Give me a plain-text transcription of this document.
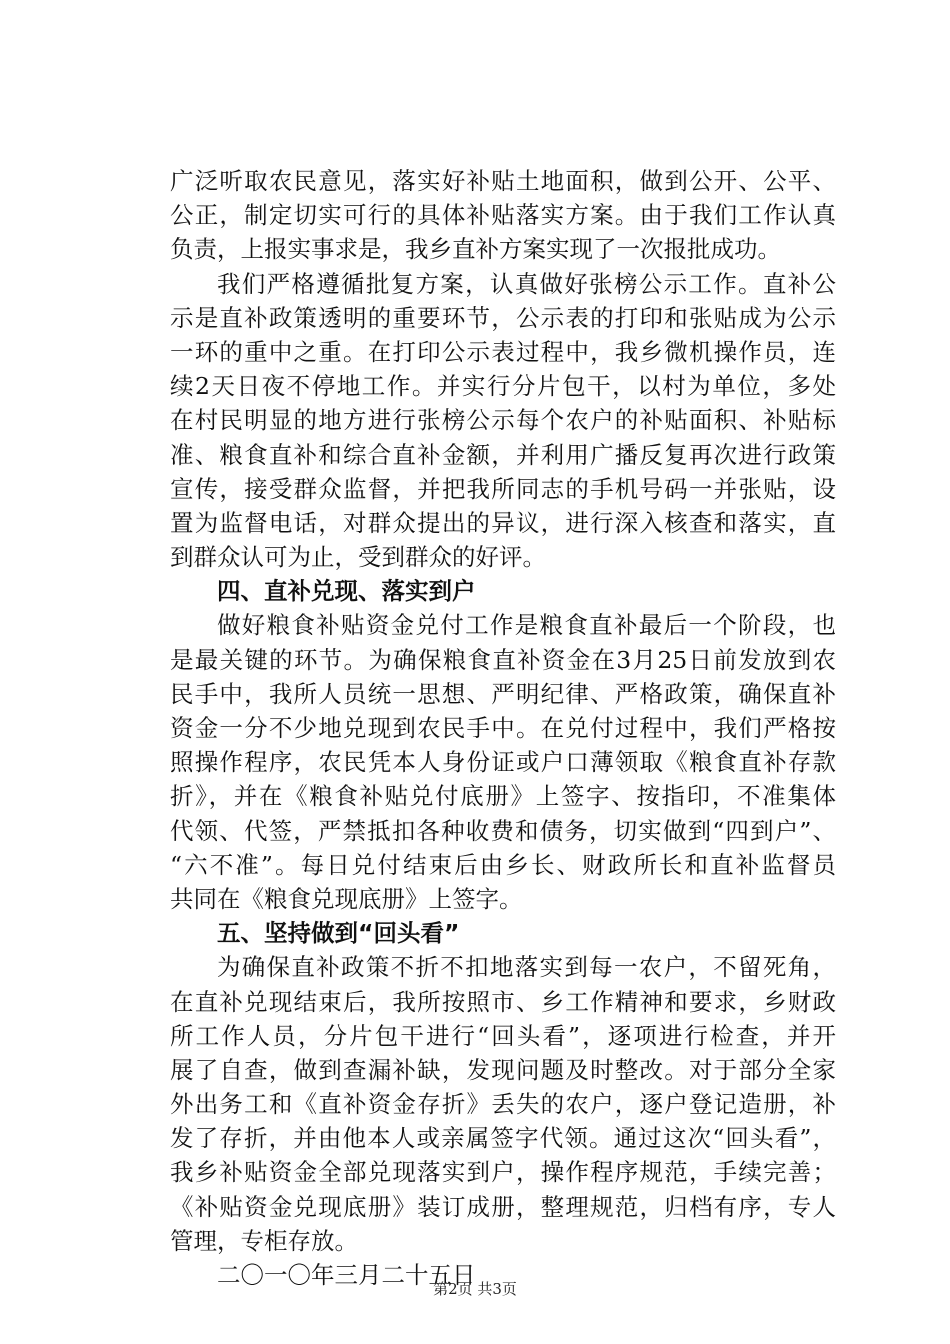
广泛听取农民意见，落实好补贴土地面积，做到公开、公平、
公正，制定切实可行的具体补贴落实方案。由于我们工作认真
负责，上报实事求是，我乡直补方案实现了一次报批成功。
我们严格遵循批复方案，认真做好张榜公示工作。直补公
示是直补政策透明的重要环节，公示表的打印和张贴成为公示
一环的重中之重。在打印公示表过程中，我乡微机操作员，连
续2天日夜不停地工作。并实行分片包干，以村为单位，多处
在村民明显的地方进行张榜公示每个农户的补贴面积、补贴标
准、粮食直补和综合直补金额，并利用广播反复再次进行政策
宣传，接受群众监督，并把我所同志的手机号码一并张贴，设
置为监督电话，对群众提出的异议，进行深入核查和落实，直
到群众认可为止，受到群众的好评。
四、直补兑现、落实到户
做好粮食补贴资金兑付工作是粮食直补最后一个阶段，也
是最关键的环节。为确保粮食直补资金在3月25日前发放到农
民手中，我所人员统一思想、严明纪律、严格政策，确保直补
资金一分不少地兑现到农民手中。在兑付过程中，我们严格按
照操作程序，农民凭本人身份证或户口薄领取《粮食直补存款
折》，并在《粮食补贴兑付底册》上签字、按指印，不准集体
代领、代签，严禁抵扣各种收费和债务，切实做到“四到户”、
“六不准”。每日兑付结束后由乡长、财政所长和直补监督员
共同在《粮食兑现底册》上签字。
五、坚持做到“回头看”
为确保直补政策不折不扣地落实到每一农户，不留死角，
在直补兑现结束后，我所按照市、乡工作精神和要求，乡财政
所工作人员，分片包干进行“回头看”，逐项进行检查，并开
展了自查，做到查漏补缺，发现问题及时整改。对于部分全家
外出务工和《直补资金存折》丢失的农户，逐户登记造册，补
发了存折，并由他本人或亲属签字代领。通过这次“回头看”，
我乡补贴资金全部兑现落实到户，操作程序规范，手续完善；
《补贴资金兑现底册》装订成册，整理规范，归档有序，专人
管理，专柜存放。
二〇一〇年三月二十五日
第2页 共3页
